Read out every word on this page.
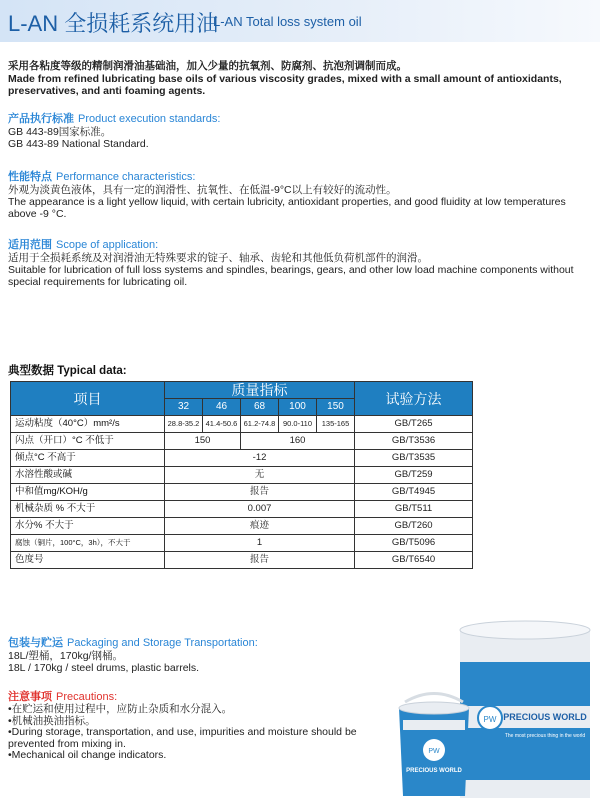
L-AN 全损耗系统用油
L-AN Total loss system oil
采用各粘度等级的精制润滑油基础油，加入少量的抗氧剂、防腐剂、抗泡剂调制而成。
Made from refined lubricating base oils of various viscosity grades, mixed with a small amount of antioxidants, preservatives, and anti foaming agents.
产品执行标准 Product execution standards:

GB 443-89国家标准。

GB 443-89 National Standard.

性能特点 Performance characteristics:

外观为淡黄色液体，具有一定的润滑性、抗氧性、在低温-9°C以上有较好的流动性。

The appearance is a light yellow liquid, with certain lubricity, antioxidant properties, and good fluidity at low temperatures above -9 °C.

适用范围 Scope of application:

适用于全损耗系统及对润滑油无特殊要求的锭子、轴承、齿轮和其他低负荷机部件的润滑。

Suitable for lubrication of full loss systems and spindles, bearings, gears, and other low load machine components without special requirements for lubricating oil.

典型数据 Typical data:
项目	质量指标					试验方法
	32	46	68	100	150	
运动粘度（40°C）mm²/s	28.8-35.2	41.4-50.6	61.2-74.8	90.0-110	135-165	GB/T265
闪点（开口）°C 不低于	150		160			GB/T3536
倾点°C 不高于	-12					GB/T3535
水溶性酸或碱	无					GB/T259
中和值mg/KOH/g	报告					GB/T4945
机械杂质 % 不大于	0.007					GB/T511
水分% 不大于	痕迹					GB/T260
腐蚀（铜片，100°C，3h），不大于	1					GB/T5096
色度号	报告					GB/T6540
包装与贮运 Packaging and Storage Transportation:

18L/塑桶，170kg/钢桶。

18L / 170kg / steel drums, plastic barrels.

注意事项 Precautions:

•在贮运和使用过程中，应防止杂质和水分混入。

•机械油换油指标。

•During storage, transportation, and use, impurities and moisture should be prevented from mixing in.

•Mechanical oil change indicators.

PW PRECIOUS WORLD
The most precious thing in the world
PW
PRECIOUS WORLD
